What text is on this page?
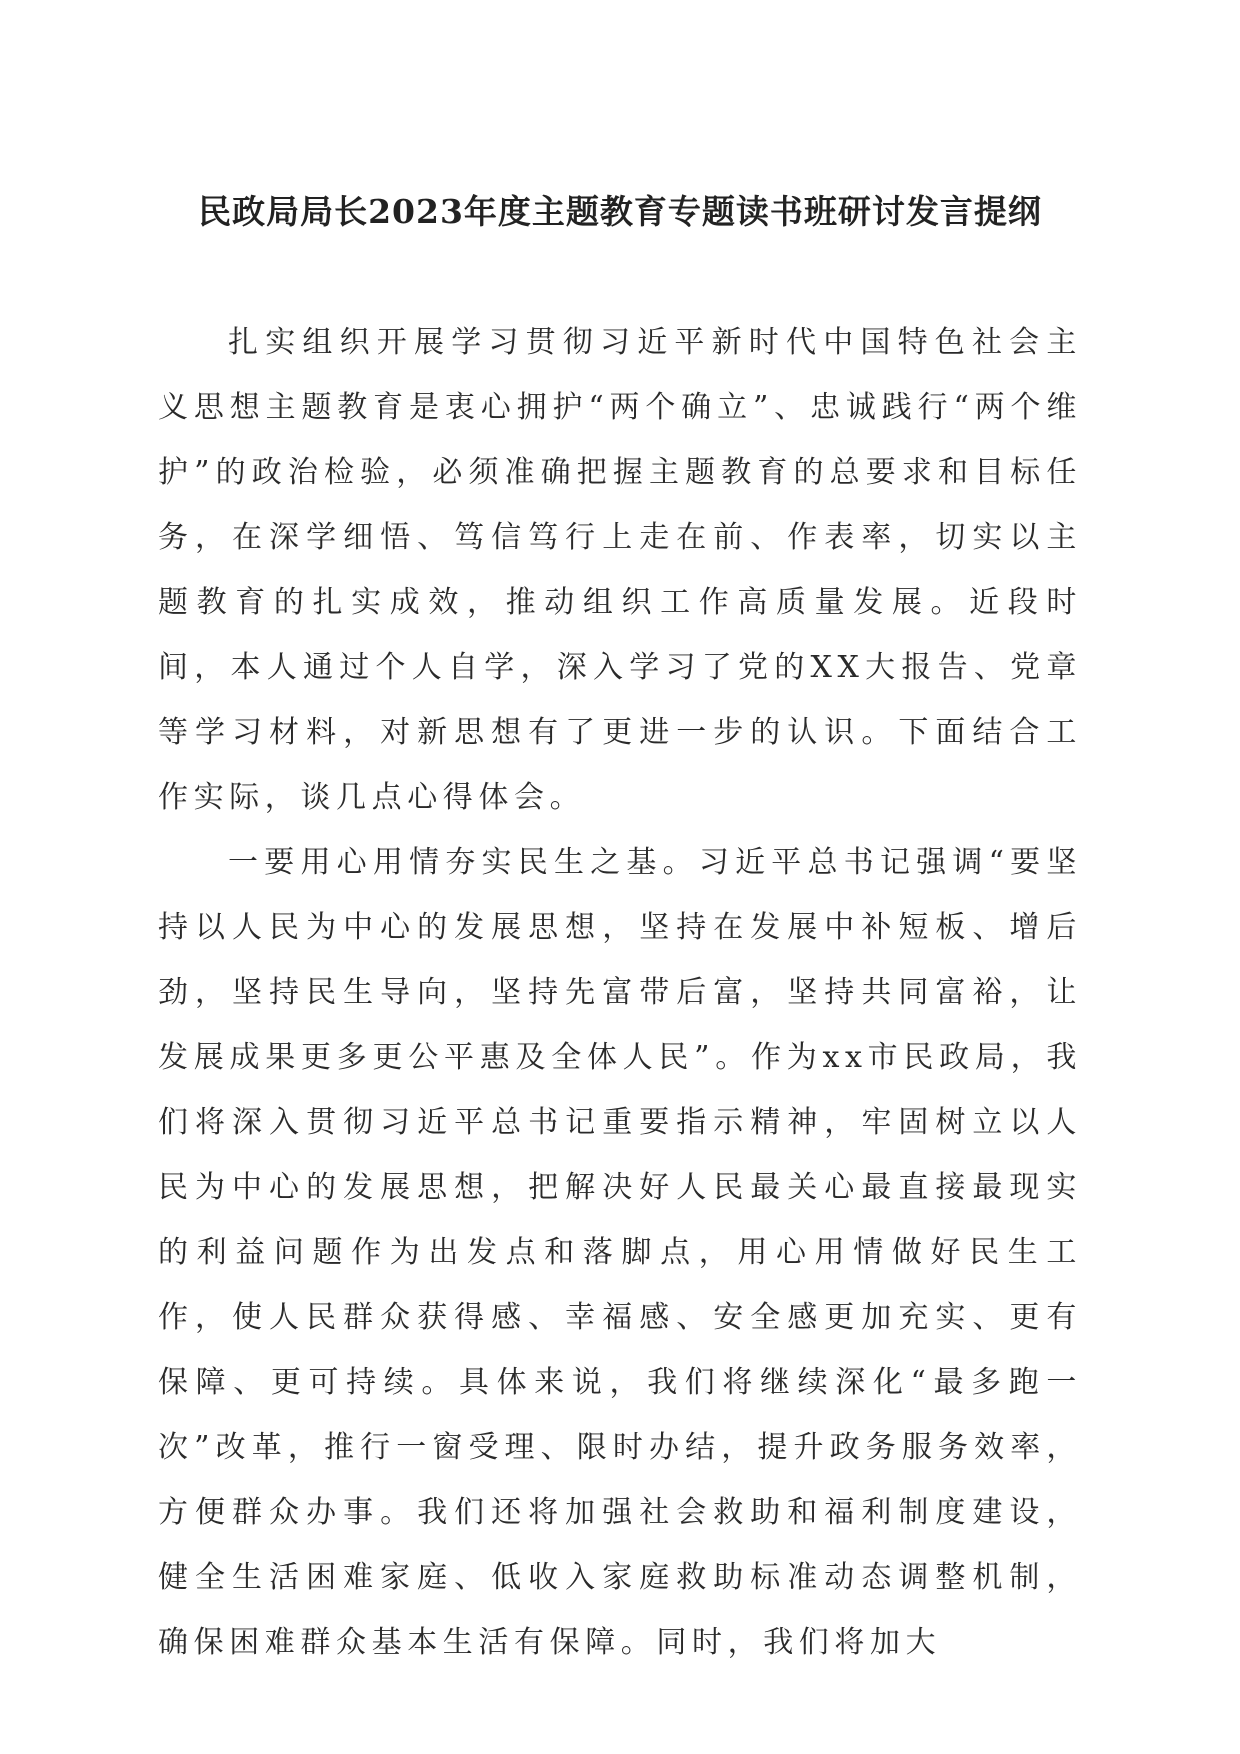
民政局局长2023年度主题教育专题读书班研讨发言提纲

扎实组织开展学习贯彻习近平新时代中国特色社会主义思想主题教育是衷心拥护“两个确立”、忠诚践行“两个维护”的政治检验，必须准确把握主题教育的总要求和目标任务，在深学细悟、笃信笃行上走在前、作表率，切实以主题教育的扎实成效，推动组织工作高质量发展。近段时间，本人通过个人自学，深入学习了党的XX大报告、党章等学习材料，对新思想有了更进一步的认识。下面结合工作实际，谈几点心得体会。

一要用心用情夯实民生之基。习近平总书记强调“要坚持以人民为中心的发展思想，坚持在发展中补短板、增后劲，坚持民生导向，坚持先富带后富，坚持共同富裕，让发展成果更多更公平惠及全体人民”。作为xx市民政局，我们将深入贯彻习近平总书记重要指示精神，牢固树立以人民为中心的发展思想，把解决好人民最关心最直接最现实的利益问题作为出发点和落脚点，用心用情做好民生工作，使人民群众获得感、幸福感、安全感更加充实、更有保障、更可持续。具体来说，我们将继续深化“最多跑一次”改革，推行一窗受理、限时办结，提升政务服务效率，方便群众办事。我们还将加强社会救助和福利制度建设，健全生活困难家庭、低收入家庭救助标准动态调整机制，确保困难群众基本生活有保障。同时，我们将加大
